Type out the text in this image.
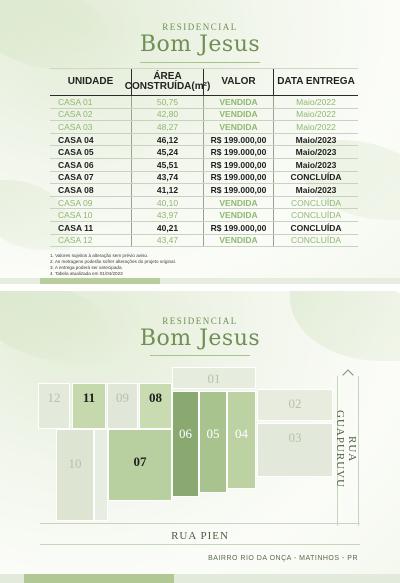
RESIDENCIAL
Bom Jesus
UNIDADE	ÁREA CONSTRUÍDA(m²)	VALOR	DATA ENTREGA
CASA 01	50,75	VENDIDA	Maio/2022
CASA 02	42,80	VENDIDA	Maio/2022
CASA 03	48,27	VENDIDA	Maio/2022
CASA 04	46,12	R$ 199.000,00	Maio/2023
CASA 05	45,24	R$ 199.000,00	Maio/2023
CASA 06	45,51	R$ 199.000,00	Maio/2023
CASA 07	43,74	R$ 199.000,00	CONCLUÍDA
CASA 08	41,12	R$ 199.000,00	Maio/2023
CASA 09	40,10	VENDIDA	CONCLUÍDA
CASA 10	43,97	VENDIDA	CONCLUÍDA
CASA 11	40,21	R$ 199.000,00	CONCLUÍDA
CASA 12	43,47	VENDIDA	CONCLUÍDA
1. Valores sujeitos à alteração sem prévio aviso.
2. As metragens poderão sofrer alterações do projeto original.
3. A entrega poderá ser antecipada.
4. Tabela atualizada em 01/04/2023
RESIDENCIAL
Bom Jesus
12 11 09 08
01
06 05 04
02
03
10	07	RUA GUAPURUVU
RUA PIEN
BAIRRO RIO DA ONÇA - MATINHOS - PR
